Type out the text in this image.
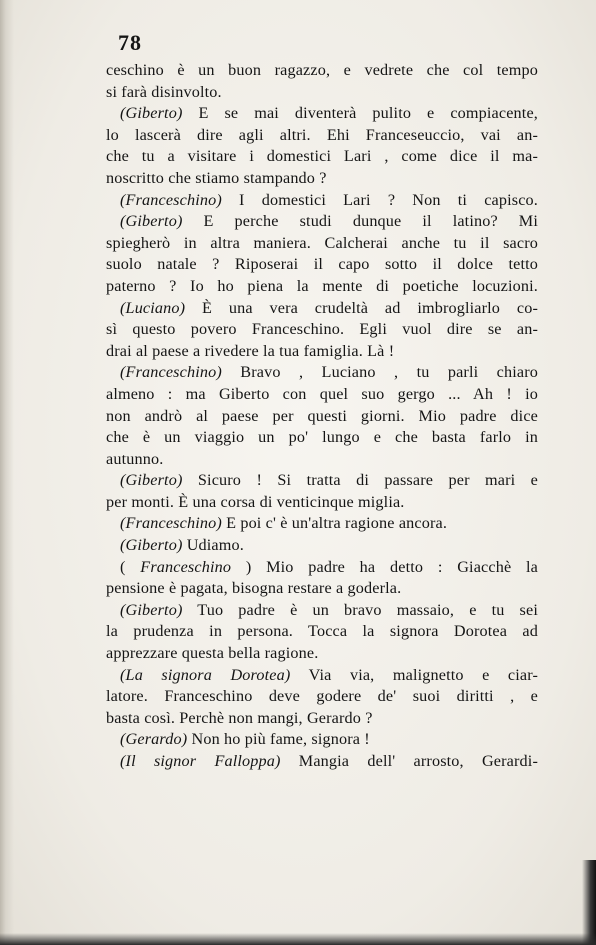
78
ceschino è un buon ragazzo, e vedrete che col tempo
si farà disinvolto.
(Giberto) E se mai diventerà pulito e compiacente,
lo lascerà dire agli altri. Ehi Franceseuccio, vai an-
che tu a visitare i domestici Lari , come dice il ma-
noscritto che stiamo stampando ?
(Franceschino) I domestici Lari ? Non ti capisco.
(Giberto) E perche studi dunque il latino? Mi
spiegherò in altra maniera. Calcherai anche tu il sacro
suolo natale ? Riposerai il capo sotto il dolce tetto
paterno ? Io ho piena la mente di poetiche locuzioni.
(Luciano) È una vera crudeltà ad imbrogliarlo co-
sì questo povero Franceschino. Egli vuol dire se an-
drai al paese a rivedere la tua famiglia. Là !
(Franceschino) Bravo , Luciano , tu parli chiaro
almeno : ma Giberto con quel suo gergo ... Ah ! io
non andrò al paese per questi giorni. Mio padre dice
che è un viaggio un po' lungo e che basta farlo in
autunno.
(Giberto) Sicuro ! Si tratta di passare per mari e
per monti. È una corsa di venticinque miglia.
(Franceschino) E poi c' è un'altra ragione ancora.
(Giberto) Udiamo.
( Franceschino ) Mio padre ha detto : Giacchè la
pensione è pagata, bisogna restare a goderla.
(Giberto) Tuo padre è un bravo massaio, e tu sei
la prudenza in persona. Tocca la signora Dorotea ad
apprezzare questa bella ragione.
(La signora Dorotea) Via via, malignetto e ciar-
latore. Franceschino deve godere de' suoi diritti , e
basta così. Perchè non mangi, Gerardo ?
(Gerardo) Non ho più fame, signora !
(Il signor Falloppa) Mangia dell' arrosto, Gerardi-
